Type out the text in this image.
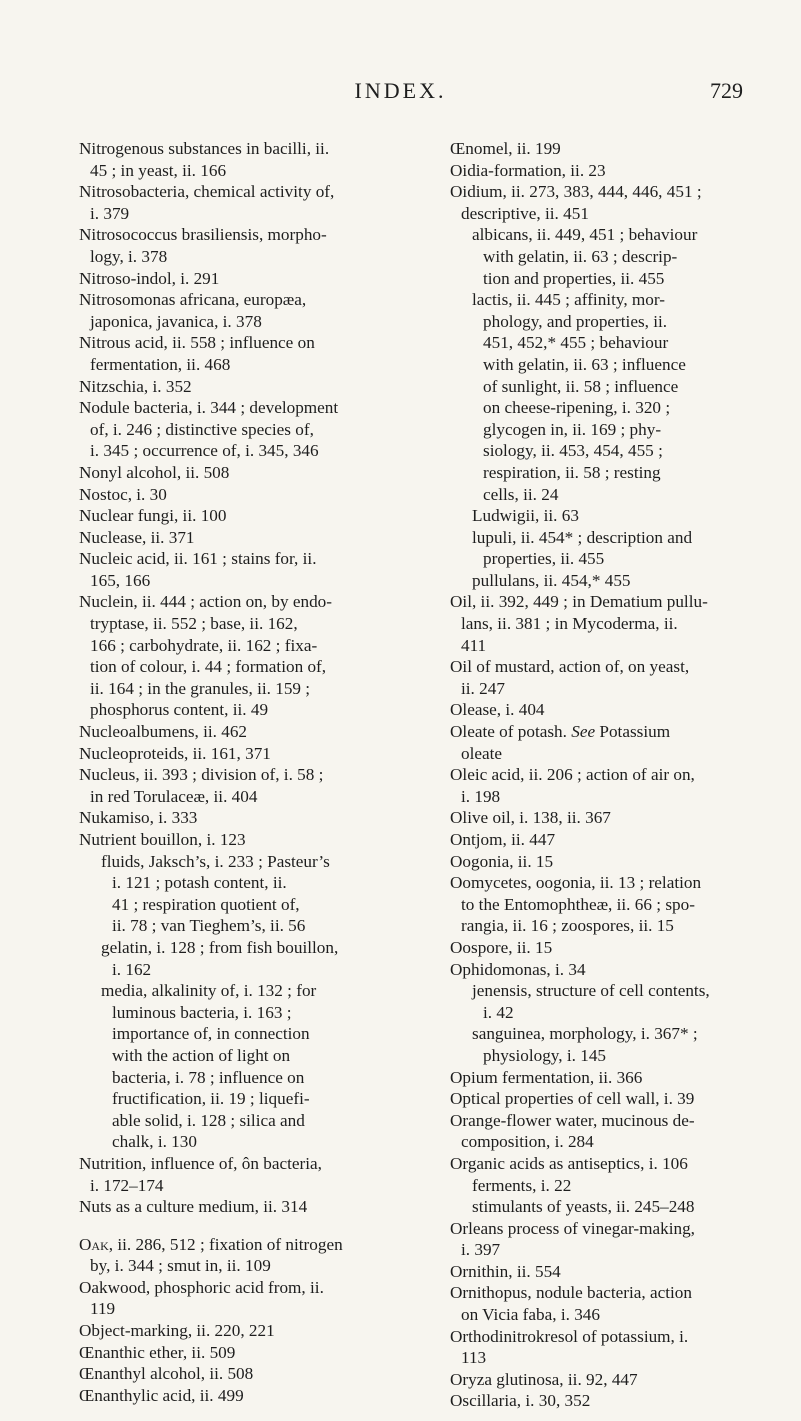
INDEX.	729
Nitrogenous substances in bacilli, ii.
45 ; in yeast, ii. 166
Nitrosobacteria, chemical activity of,
i. 379
Nitrosococcus brasiliensis, morpho-
logy, i. 378
Nitroso-indol, i. 291
Nitrosomonas africana, europæa,
japonica, javanica, i. 378
Nitrous acid, ii. 558 ; influence on
fermentation, ii. 468
Nitzschia, i. 352
Nodule bacteria, i. 344 ; development
of, i. 246 ; distinctive species of,
i. 345 ; occurrence of, i. 345, 346
Nonyl alcohol, ii. 508
Nostoc, i. 30
Nuclear fungi, ii. 100
Nuclease, ii. 371
Nucleic acid, ii. 161 ; stains for, ii.
165, 166
Nuclein, ii. 444 ; action on, by endo-
tryptase, ii. 552 ; base, ii. 162,
166 ; carbohydrate, ii. 162 ; fixa-
tion of colour, i. 44 ; formation of,
ii. 164 ; in the granules, ii. 159 ;
phosphorus content, ii. 49
Nucleoalbumens, ii. 462
Nucleoproteids, ii. 161, 371
Nucleus, ii. 393 ; division of, i. 58 ;
in red Torulaceæ, ii. 404
Nukamiso, i. 333
Nutrient bouillon, i. 123
fluids, Jaksch’s, i. 233 ; Pasteur’s
i. 121 ; potash content, ii.
41 ; respiration quotient of,
ii. 78 ; van Tieghem’s, ii. 56
gelatin, i. 128 ; from fish bouillon,
i. 162
media, alkalinity of, i. 132 ; for
luminous bacteria, i. 163 ;
importance of, in connection
with the action of light on
bacteria, i. 78 ; influence on
fructification, ii. 19 ; liquefi-
able solid, i. 128 ; silica and
chalk, i. 130
Nutrition, influence of, ôn bacteria,
i. 172–174
Nuts as a culture medium, ii. 314
Oak, ii. 286, 512 ; fixation of nitrogen
by, i. 344 ; smut in, ii. 109
Oakwood, phosphoric acid from, ii.
119
Object-marking, ii. 220, 221
Œnanthic ether, ii. 509
Œnanthyl alcohol, ii. 508
Œnanthylic acid, ii. 499
Œnomel, ii. 199
Oidia-formation, ii. 23
Oidium, ii. 273, 383, 444, 446, 451 ;
descriptive, ii. 451
albicans, ii. 449, 451 ; behaviour
with gelatin, ii. 63 ; descrip-
tion and properties, ii. 455
lactis, ii. 445 ; affinity, mor-
phology, and properties, ii.
451, 452,* 455 ; behaviour
with gelatin, ii. 63 ; influence
of sunlight, ii. 58 ; influence
on cheese-ripening, i. 320 ;
glycogen in, ii. 169 ; phy-
siology, ii. 453, 454, 455 ;
respiration, ii. 58 ; resting
cells, ii. 24
Ludwigii, ii. 63
lupuli, ii. 454* ; description and
properties, ii. 455
pullulans, ii. 454,* 455
Oil, ii. 392, 449 ; in Dematium pullu-
lans, ii. 381 ; in Mycoderma, ii.
411
Oil of mustard, action of, on yeast,
ii. 247
Olease, i. 404
Oleate of potash. See Potassium
oleate
Oleic acid, ii. 206 ; action of air on,
i. 198
Olive oil, i. 138, ii. 367
Ontjom, ii. 447
Oogonia, ii. 15
Oomycetes, oogonia, ii. 13 ; relation
to the Entomophtheæ, ii. 66 ; spo-
rangia, ii. 16 ; zoospores, ii. 15
Oospore, ii. 15
Ophidomonas, i. 34
jenensis, structure of cell contents,
i. 42
sanguinea, morphology, i. 367* ;
physiology, i. 145
Opium fermentation, ii. 366
Optical properties of cell wall, i. 39
Orange-flower water, mucinous de-
composition, i. 284
Organic acids as antiseptics, i. 106
ferments, i. 22
stimulants of yeasts, ii. 245–248
Orleans process of vinegar-making,
i. 397
Ornithin, ii. 554
Ornithopus, nodule bacteria, action
on Vicia faba, i. 346
Orthodinitrokresol of potassium, i.
113
Oryza glutinosa, ii. 92, 447
Oscillaria, i. 30, 352
